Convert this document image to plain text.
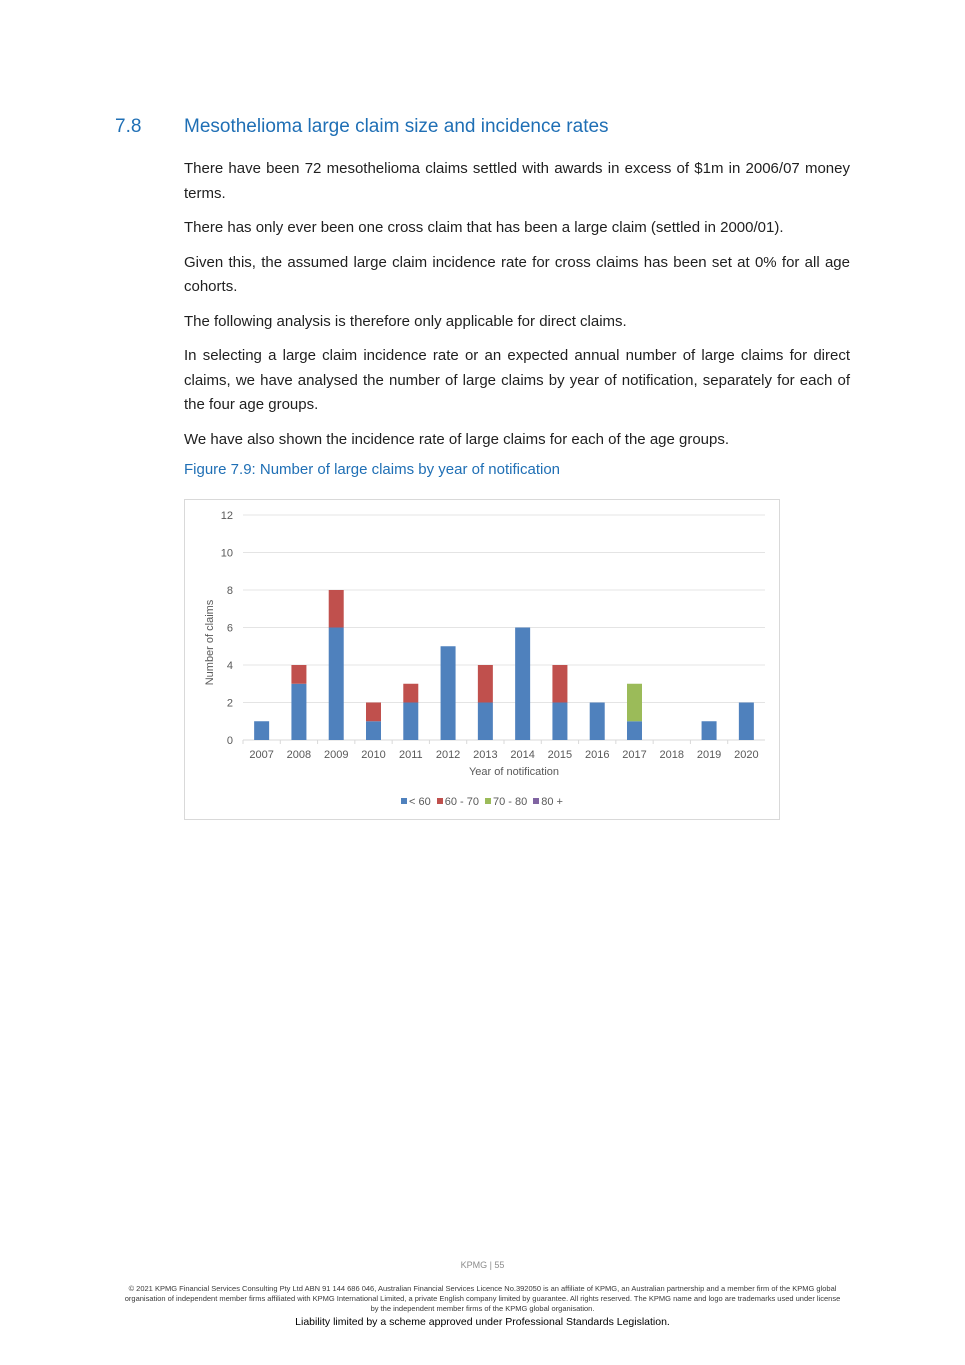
7.8 Mesothelioma large claim size and incidence rates

There have been 72 mesothelioma claims settled with awards in excess of $1m in 2006/07 money terms.

There has only ever been one cross claim that has been a large claim (settled in 2000/01).

Given this, the assumed large claim incidence rate for cross claims has been set at 0% for all age cohorts.

The following analysis is therefore only applicable for direct claims.

In selecting a large claim incidence rate or an expected annual number of large claims for direct claims, we have analysed the number of large claims by year of notification, separately for each of the four age groups.

We have also shown the incidence rate of large claims for each of the age groups.

Figure 7.9: Number of large claims by year of notification
0
2
4
6
8
10
12
2007 2008 2009 2010 2011 2012 2013 2014 2015 2016 2017 2018 2019 2020
Year of notification
Number of claims
< 60 60 - 70 70 - 80 80 +
KPMG | 55
© 2021 KPMG Financial Services Consulting Pty Ltd ABN 91 144 686 046, Australian Financial Services Licence No.392050 is an affiliate of KPMG, an Australian partnership and a member firm of the KPMG global organisation of independent member firms affiliated with KPMG International Limited, a private English company limited by guarantee. All rights reserved. The KPMG name and logo are trademarks used under license by the independent member firms of the KPMG global organisation.
Liability limited by a scheme approved under Professional Standards Legislation.
